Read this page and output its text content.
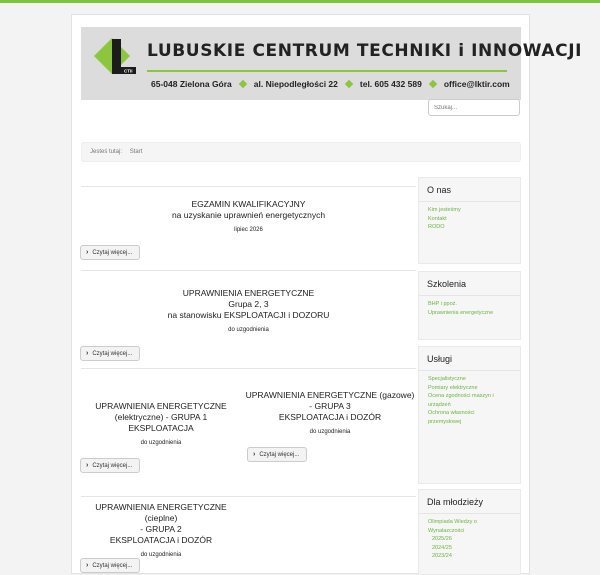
CTII
LUBUSKIE CENTRUM TECHNIKI i INNOWACJI
65-048 Zielona Góra	al. Niepodległości 22	tel. 605 432 589	office@lktir.com
Szukaj...
Jesteś tutaj: Start
EGZAMIN KWALIFIKACYJNY
na uzyskanie uprawnień energetycznych
lipiec 2026
› Czytaj więcej...
UPRAWNIENIA ENERGETYCZNE
Grupa 2, 3
na stanowisku EKSPLOATACJI i DOZORU
do uzgodnienia
› Czytaj więcej...
UPRAWNIENIA ENERGETYCZNE
(elektryczne) - GRUPA 1
EKSPLOATACJA
do uzgodnienia
› Czytaj więcej...
UPRAWNIENIA ENERGETYCZNE (gazowe)
- GRUPA 3
EKSPLOATACJA i DOZÓR
do uzgodnienia
› Czytaj więcej...
UPRAWNIENIA ENERGETYCZNE (cieplne)
- GRUPA 2
EKSPLOATACJA i DOZÓR
do uzgodnienia
› Czytaj więcej...
O nas
Kim jesteśmy
Kontakt
RODO
Szkolenia
BHP i ppoż.
Uprawnienia energetyczne
Usługi
Specjalistyczne
Pomiary elektryczne
Ocena zgodności maszyn i
urządzeń
Ochrona własności
przemysłowej
Dla młodzieży
Olimpiada Wiedzy o
Wynalazczości
2025/26
2024/25
2023/24
